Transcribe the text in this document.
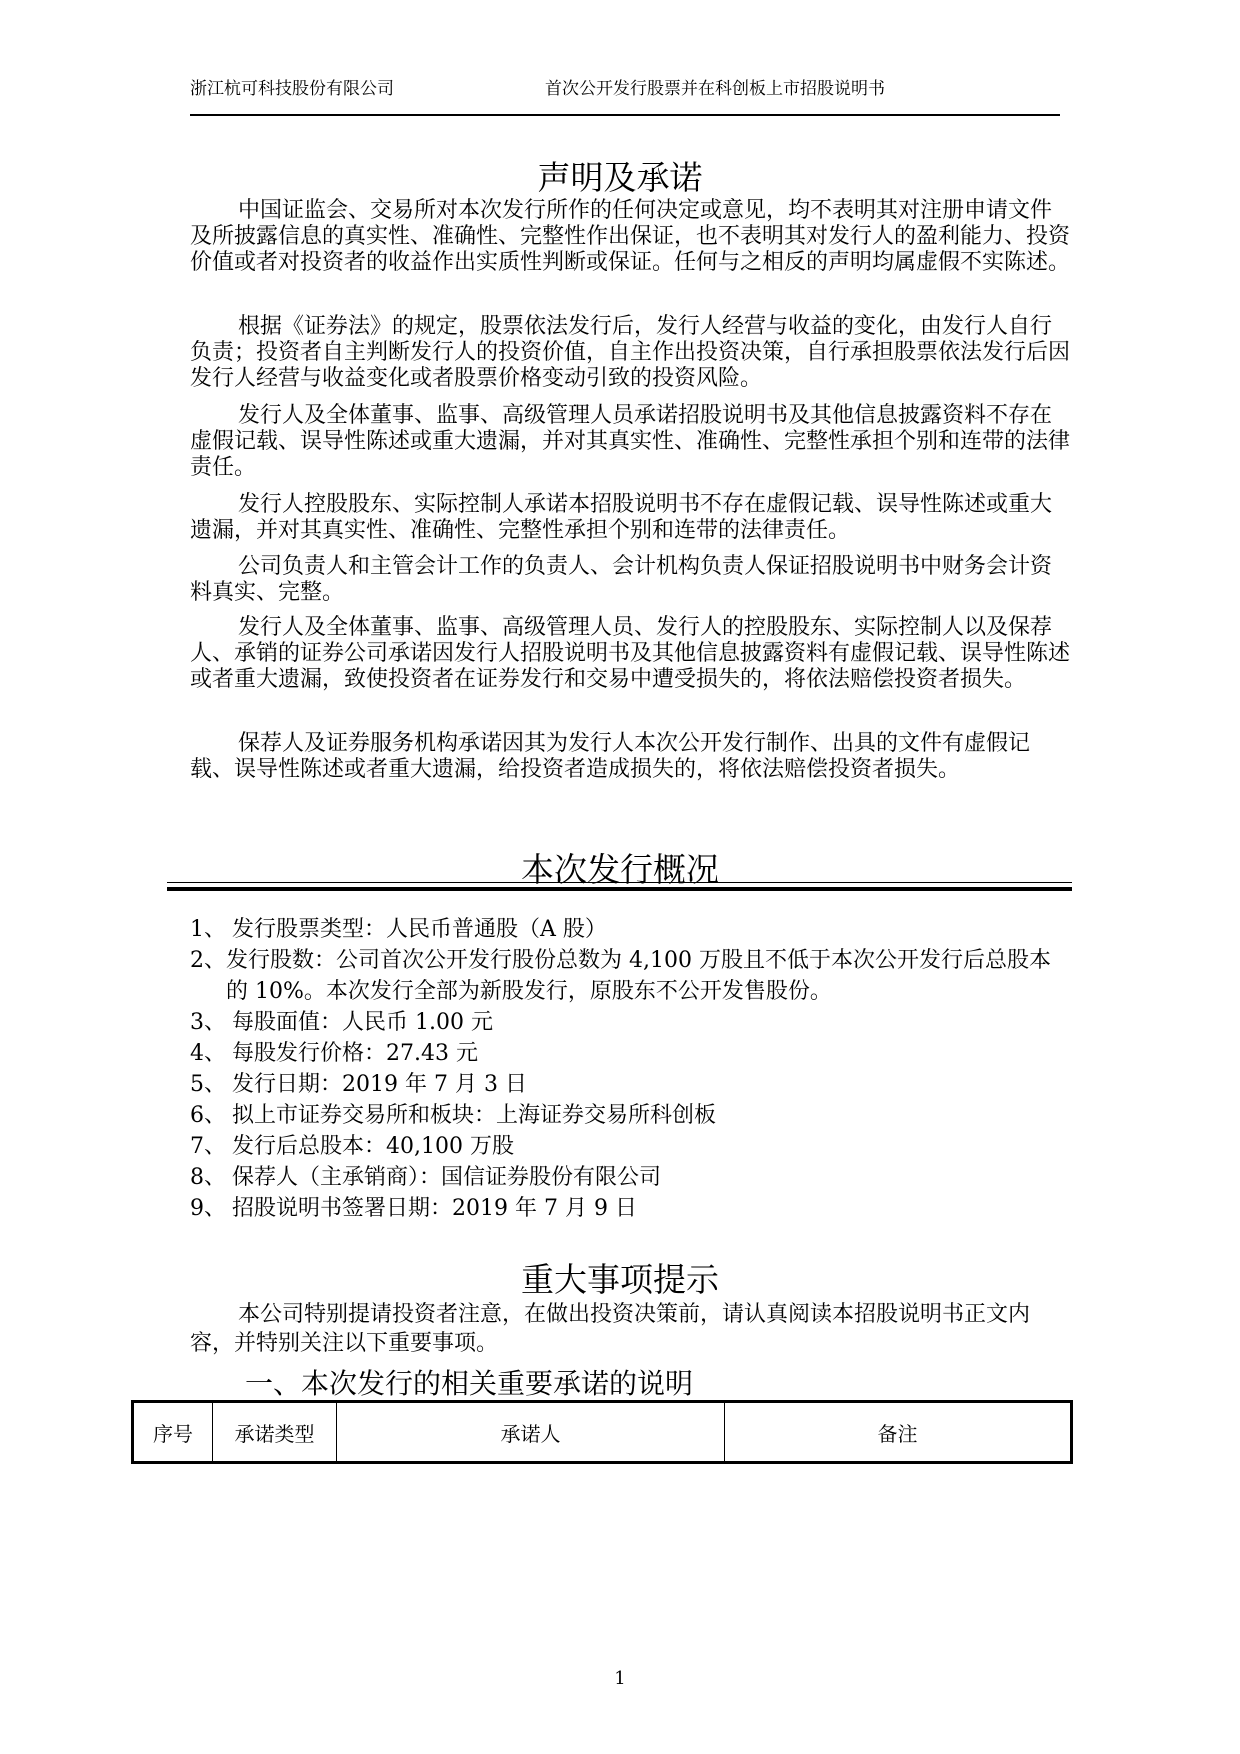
浙江杭可科技股份有限公司	首次公开发行股票并在科创板上市招股说明书
声明及承诺

中国证监会、交易所对本次发行所作的任何决定或意见，均不表明其对注册申请文件及所披露信息的真实性、准确性、完整性作出保证，也不表明其对发行人的盈利能力、投资价值或者对投资者的收益作出实质性判断或保证。任何与之相反的声明均属虚假不实陈述。

根据《证券法》的规定，股票依法发行后，发行人经营与收益的变化，由发行人自行负责；投资者自主判断发行人的投资价值，自主作出投资决策，自行承担股票依法发行后因发行人经营与收益变化或者股票价格变动引致的投资风险。

发行人及全体董事、监事、高级管理人员承诺招股说明书及其他信息披露资料不存在虚假记载、误导性陈述或重大遗漏，并对其真实性、准确性、完整性承担个别和连带的法律责任。

发行人控股股东、实际控制人承诺本招股说明书不存在虚假记载、误导性陈述或重大遗漏，并对其真实性、准确性、完整性承担个别和连带的法律责任。

公司负责人和主管会计工作的负责人、会计机构负责人保证招股说明书中财务会计资料真实、完整。

发行人及全体董事、监事、高级管理人员、发行人的控股股东、实际控制人以及保荐人、承销的证券公司承诺因发行人招股说明书及其他信息披露资料有虚假记载、误导性陈述或者重大遗漏，致使投资者在证券发行和交易中遭受损失的，将依法赔偿投资者损失。

保荐人及证券服务机构承诺因其为发行人本次公开发行制作、出具的文件有虚假记载、误导性陈述或者重大遗漏，给投资者造成损失的，将依法赔偿投资者损失。

本次发行概况
1、 发行股票类型：人民币普通股（A 股）
2、 发行股数：公司首次公开发行股份总数为 4,100 万股且不低于本次公开发行后总股本的 10%。本次发行全部为新股发行，原股东不公开发售股份。
3、 每股面值：人民币 1.00 元
4、 每股发行价格：27.43 元
5、 发行日期：2019 年 7 月 3 日
6、 拟上市证券交易所和板块：上海证券交易所科创板
7、 发行后总股本：40,100 万股
8、 保荐人（主承销商）：国信证券股份有限公司
9、 招股说明书签署日期：2019 年 7 月 9 日
重大事项提示

本公司特别提请投资者注意，在做出投资决策前，请认真阅读本招股说明书正文内容，并特别关注以下重要事项。

一、本次发行的相关重要承诺的说明
序号	承诺类型	承诺人	备注
1
